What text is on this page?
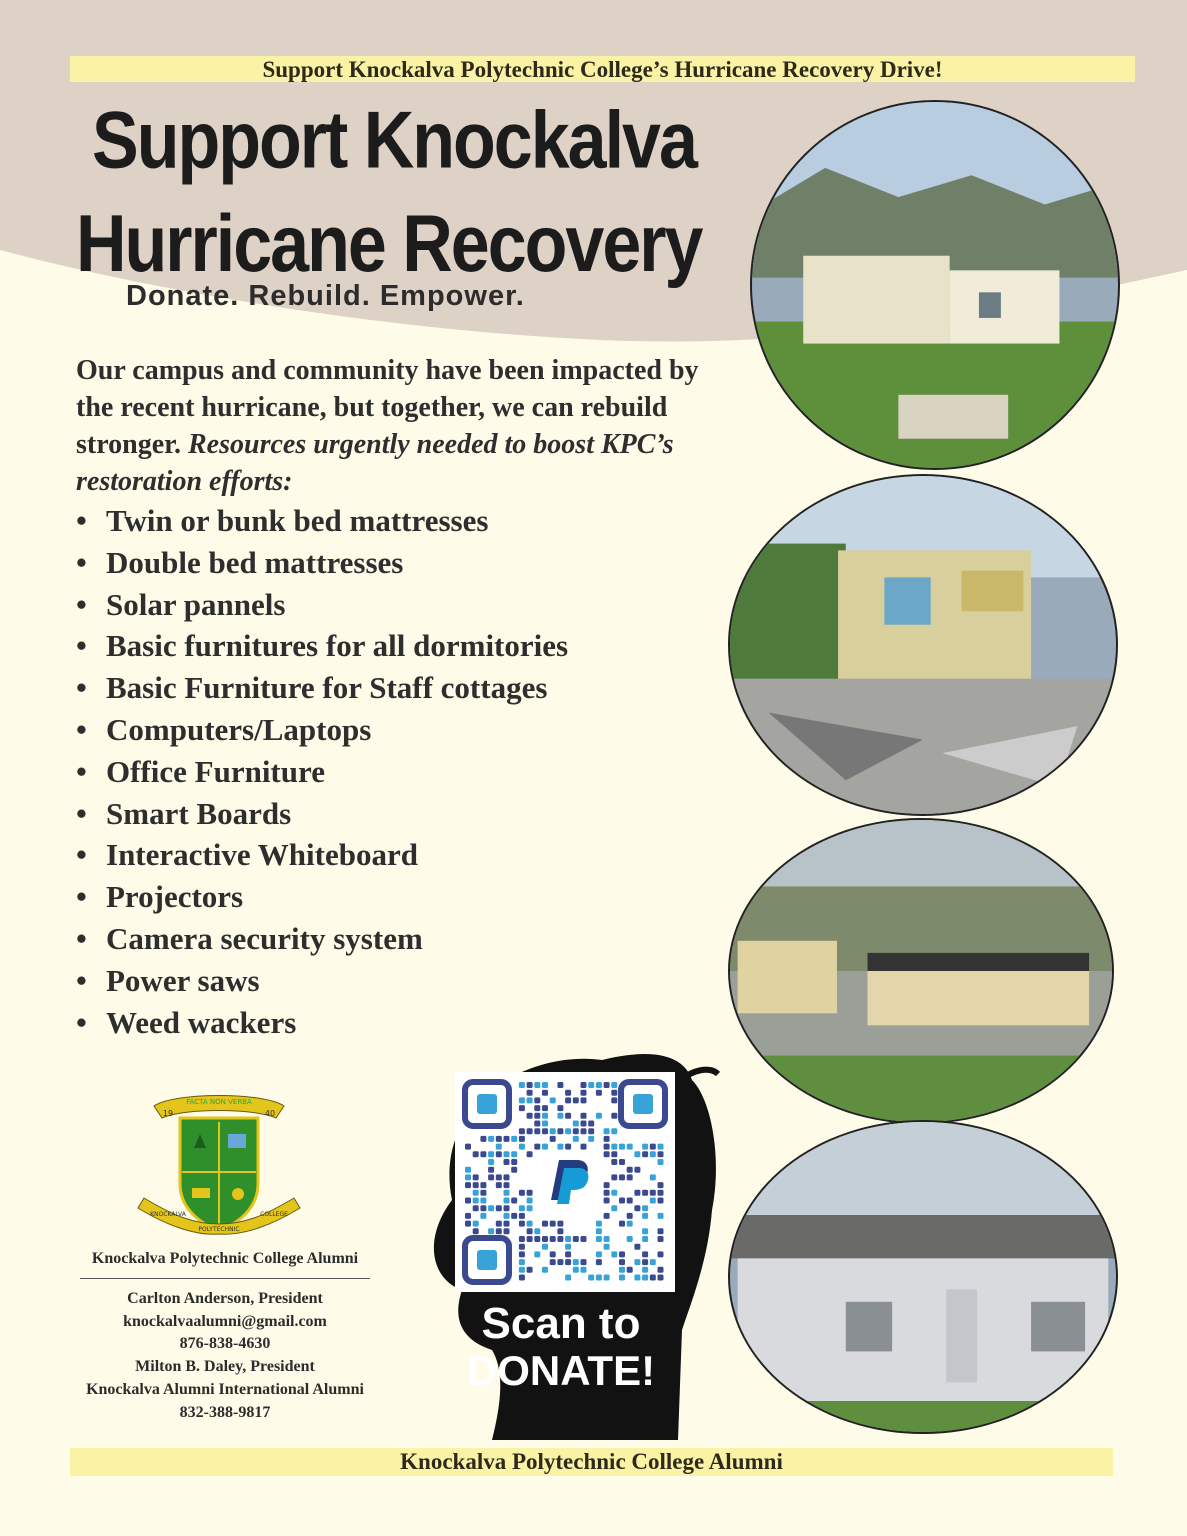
Support Knockalva Polytechnic College’s Hurricane Recovery Drive!
Support Knockalva
Hurricane Recovery
Donate. Rebuild. Empower.
Our campus and community have been impacted by the recent hurricane, but together, we can rebuild stronger. Resources urgently needed to boost KPC’s restoration efforts:
• Twin or bunk bed mattresses
• Double bed mattresses
• Solar pannels
• Basic furnitures for all dormitories
• Basic Furniture for Staff cottages
• Computers/Laptops
• Office Furniture
• Smart Boards
• Interactive Whiteboard
• Projectors
• Camera security system
• Power saws
• Weed wackers
FACTA NON VERBA
19	40
KNOCKALVA	COLLEGE
POLYTECHNIC
Knockalva Polytechnic College Alumni
Carlton Anderson, President
knockalvaalumni@gmail.com
876-838-4630
Milton B. Daley, President
Knockalva Alumni International Alumni
832-388-9817
Scan to
DONATE!
Knockalva Polytechnic College Alumni
